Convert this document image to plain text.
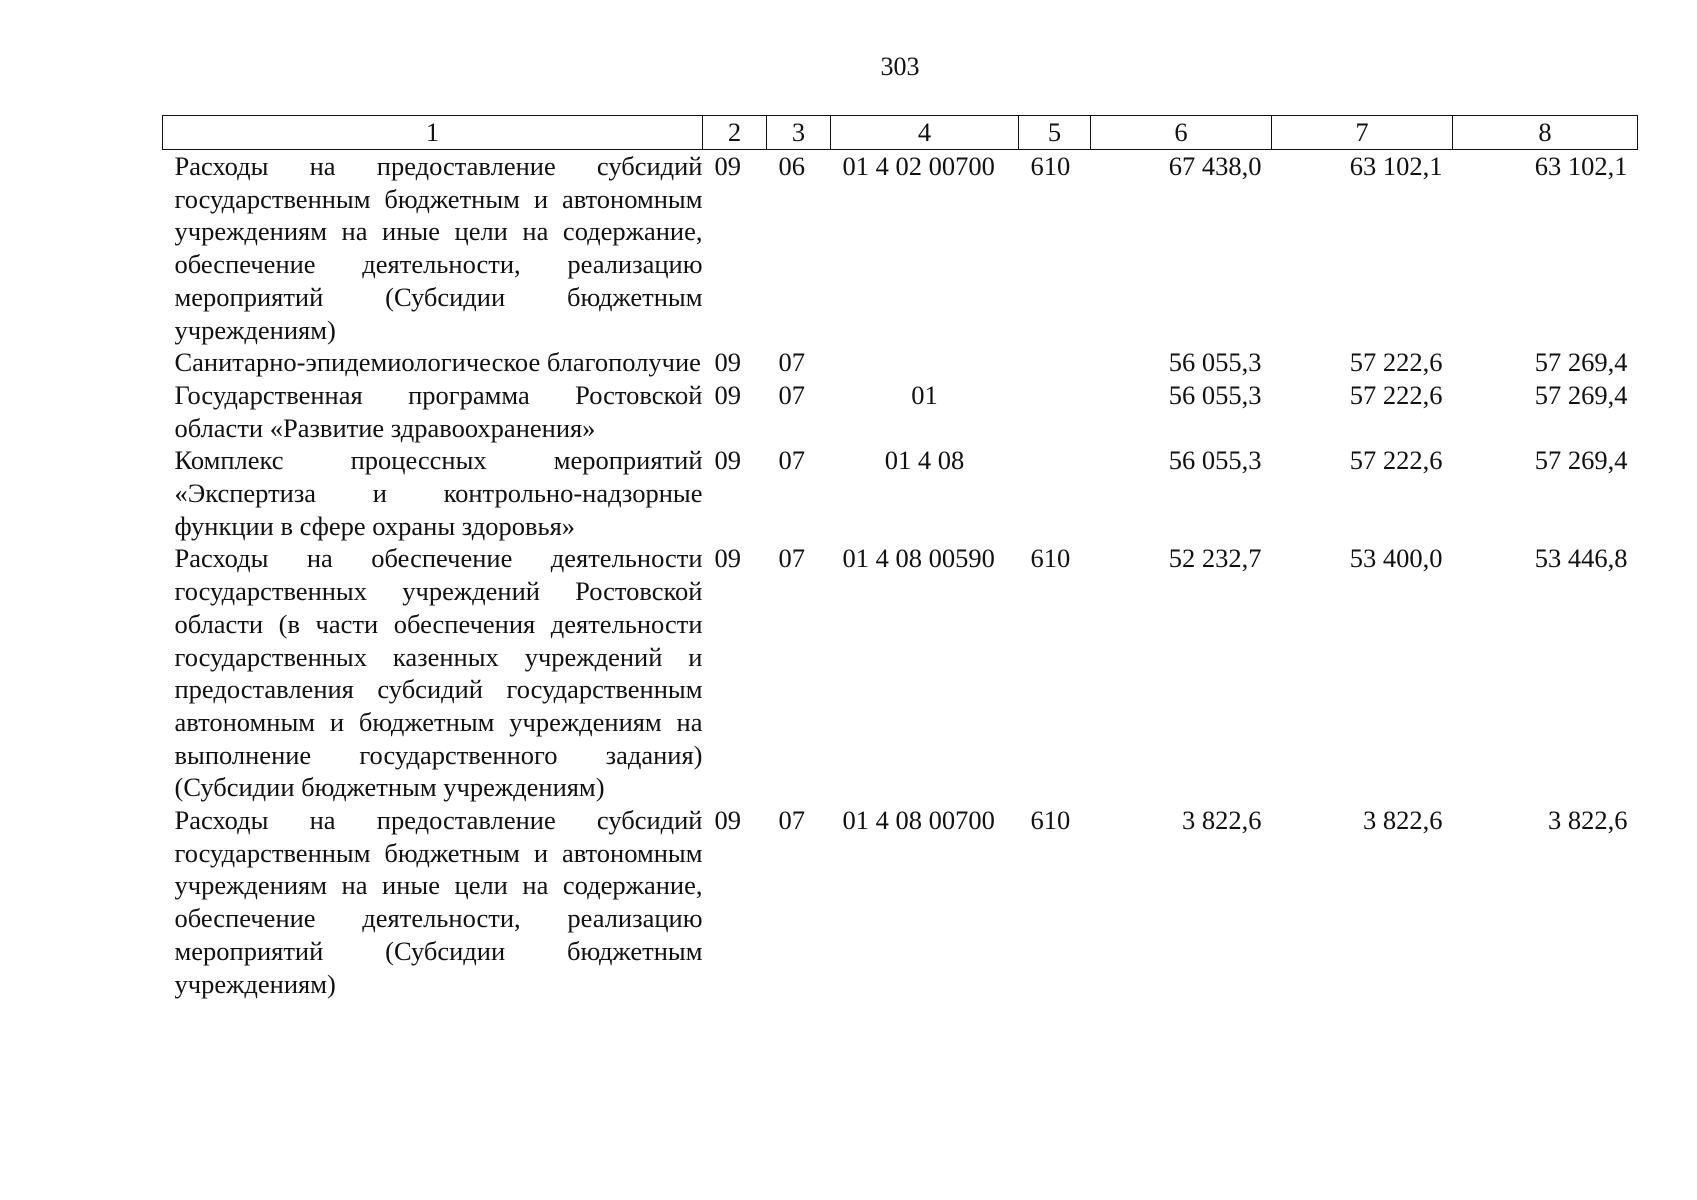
303
1	2	3	4	5	6	7	8
Расходы на предоставление субсидий государственным бюджетным и автономным учреждениям на иные цели на содержание, обеспечение деятельности, реализацию мероприятий (Субсидии бюджетным учреждениям)	09	06	01 4 02 00700	610	67 438,0	63 102,1	63 102,1
Санитарно-эпидемиологическое благополучие	09	07			56 055,3	57 222,6	57 269,4
Государственная программа Ростовской области «Развитие здравоохранения»	09	07	01		56 055,3	57 222,6	57 269,4
Комплекс процессных мероприятий «Экспертиза и контрольно-надзорные функции в сфере охраны здоровья»	09	07	01 4 08		56 055,3	57 222,6	57 269,4
Расходы на обеспечение деятельности государственных учреждений Ростовской области (в части обеспечения деятельности государственных казенных учреждений и предоставления субсидий государственным автономным и бюджетным учреждениям на выполнение государственного задания) (Субсидии бюджетным учреждениям)	09	07	01 4 08 00590	610	52 232,7	53 400,0	53 446,8
Расходы на предоставление субсидий государственным бюджетным и автономным учреждениям на иные цели на содержание, обеспечение деятельности, реализацию мероприятий (Субсидии бюджетным учреждениям)	09	07	01 4 08 00700	610	3 822,6	3 822,6	3 822,6
